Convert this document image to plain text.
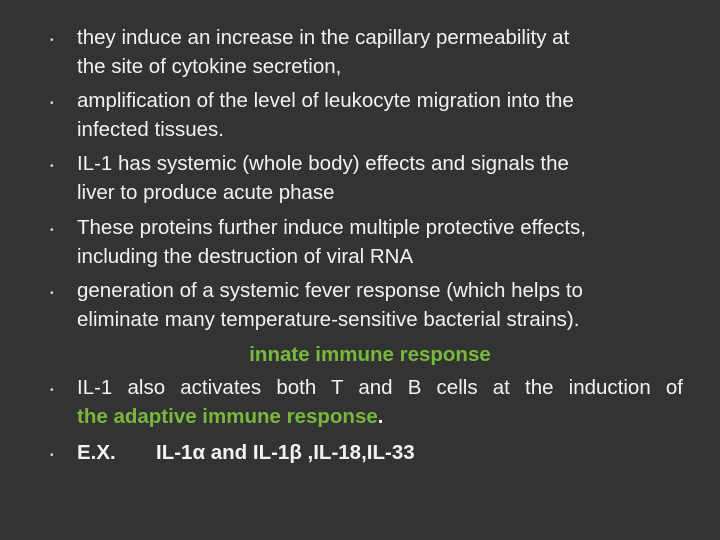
• they induce an increase in the capillary permeability at
the site of cytokine secretion,
• amplification of the level of leukocyte migration into the
infected tissues.
• IL-1 has systemic (whole body) effects and signals the
liver to produce acute phase
• These proteins further induce multiple protective effects,
including the destruction of viral RNA
• generation of a systemic fever response (which helps to
eliminate many temperature-sensitive bacterial strains).
innate immune response
• IL-1 also activates both T and B cells at the induction of
the adaptive immune response.
• E.X. IL-1α and IL-1β ,IL-18,IL-33
